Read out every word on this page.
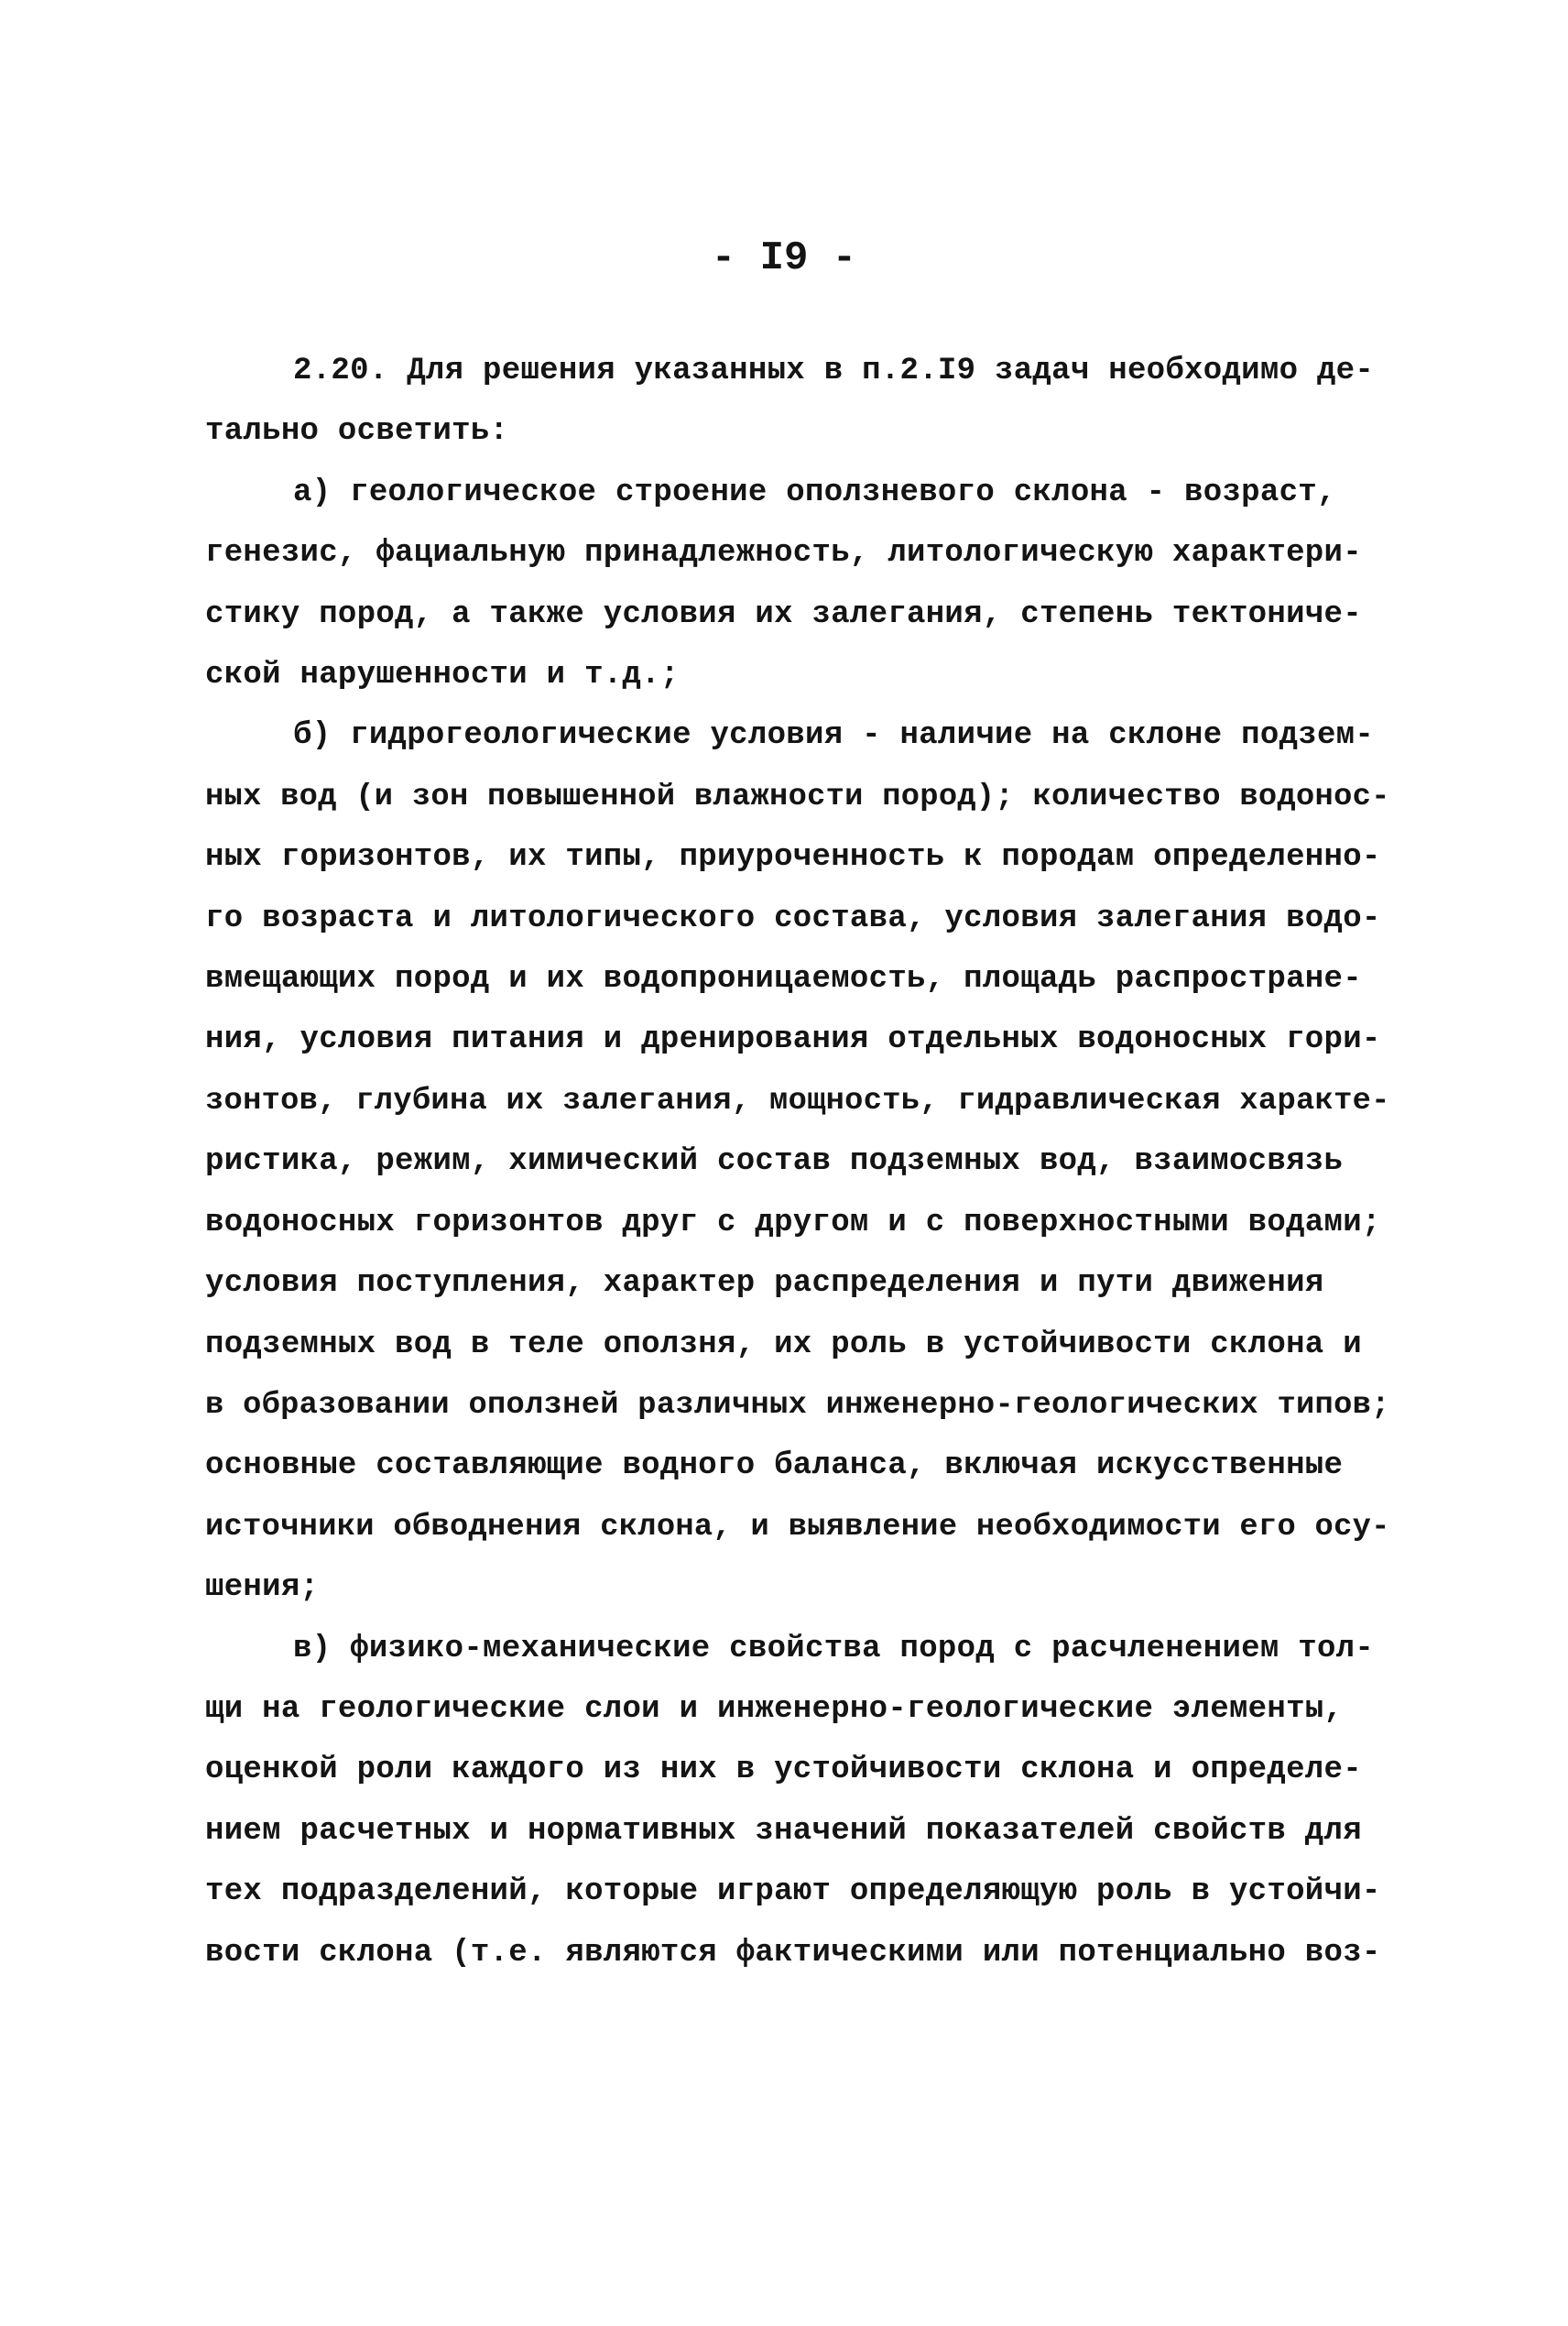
- I9 -
2.20. Для решения указанных в п.2.I9 задач необходимо де-
тально осветить:
а) геологическое строение оползневого склона - возраст,
генезис, фациальную принадлежность, литологическую характери-
стику пород, а также условия их залегания, степень тектониче-
ской нарушенности и т.д.;
б) гидрогеологические условия - наличие на склоне подзем-
ных вод (и зон повышенной влажности пород); количество водонос-
ных горизонтов, их типы, приуроченность к породам определенно-
го возраста и литологического состава, условия залегания водо-
вмещающих пород и их водопроницаемость, площадь распростране-
ния, условия питания и дренирования отдельных водоносных гори-
зонтов, глубина их залегания, мощность, гидравлическая характе-
ристика, режим, химический состав подземных вод, взаимосвязь
водоносных горизонтов друг с другом и с поверхностными водами;
условия поступления, характер распределения и пути движения
подземных вод в теле оползня, их роль в устойчивости склона и
в образовании оползней различных инженерно-геологических типов;
основные составляющие водного баланса, включая искусственные
источники обводнения склона, и выявление необходимости его осу-
шения;
в) физико-механические свойства пород с расчленением тол-
щи на геологические слои и инженерно-геологические элементы,
оценкой роли каждого из них в устойчивости склона и определе-
нием расчетных и нормативных значений показателей свойств для
тех подразделений, которые играют определяющую роль в устойчи-
вости склона (т.е. являются фактическими или потенциально воз-
